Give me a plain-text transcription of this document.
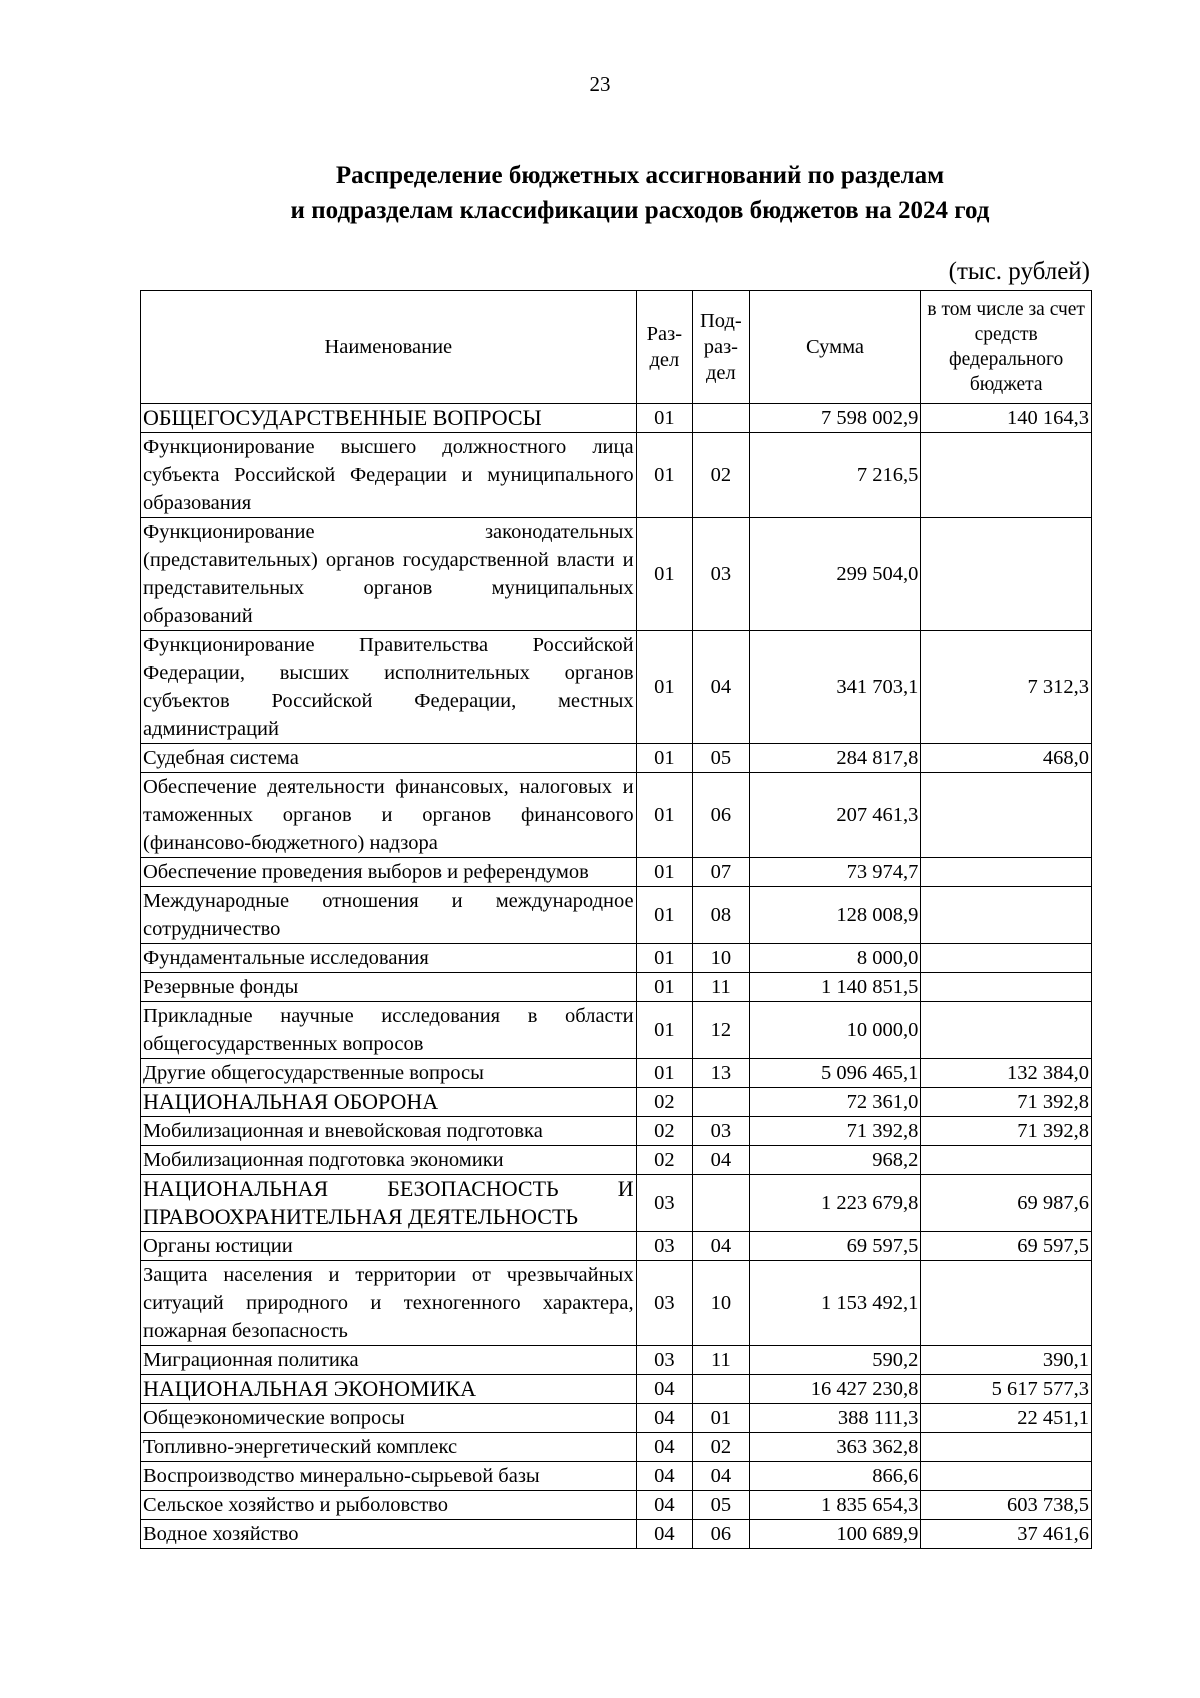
23
Распределение бюджетных ассигнований по разделам
и подразделам классификации расходов бюджетов на 2024 год
(тыс. рублей)
Наименование	Раз-дел	Под-раз-дел	Сумма	в том числе за счет средств федерального бюджета
ОБЩЕГОСУДАРСТВЕННЫЕ ВОПРОСЫ	01		7 598 002,9	140 164,3
Функционирование высшего должностного лица субъекта Российской Федерации и муниципального образования	01	02	7 216,5	
Функционирование законодательных (представительных) органов государственной власти и представительных органов муниципальных образований	01	03	299 504,0	
Функционирование Правительства Российской Федерации, высших исполнительных органов субъектов Российской Федерации, местных администраций	01	04	341 703,1	7 312,3
Судебная система	01	05	284 817,8	468,0
Обеспечение деятельности финансовых, налоговых и таможенных органов и органов финансового (финансово-бюджетного) надзора	01	06	207 461,3	
Обеспечение проведения выборов и референдумов	01	07	73 974,7	
Международные отношения и международное сотрудничество	01	08	128 008,9	
Фундаментальные исследования	01	10	8 000,0	
Резервные фонды	01	11	1 140 851,5	
Прикладные научные исследования в области общегосударственных вопросов	01	12	10 000,0	
Другие общегосударственные вопросы	01	13	5 096 465,1	132 384,0
НАЦИОНАЛЬНАЯ ОБОРОНА	02		72 361,0	71 392,8
Мобилизационная и вневойсковая подготовка	02	03	71 392,8	71 392,8
Мобилизационная подготовка экономики	02	04	968,2	
НАЦИОНАЛЬНАЯ БЕЗОПАСНОСТЬ И ПРАВООХРАНИТЕЛЬНАЯ ДЕЯТЕЛЬНОСТЬ	03		1 223 679,8	69 987,6
Органы юстиции	03	04	69 597,5	69 597,5
Защита населения и территории от чрезвычайных ситуаций природного и техногенного характера, пожарная безопасность	03	10	1 153 492,1	
Миграционная политика	03	11	590,2	390,1
НАЦИОНАЛЬНАЯ ЭКОНОМИКА	04		16 427 230,8	5 617 577,3
Общеэкономические вопросы	04	01	388 111,3	22 451,1
Топливно-энергетический комплекс	04	02	363 362,8	
Воспроизводство минерально-сырьевой базы	04	04	866,6	
Сельское хозяйство и рыболовство	04	05	1 835 654,3	603 738,5
Водное хозяйство	04	06	100 689,9	37 461,6
